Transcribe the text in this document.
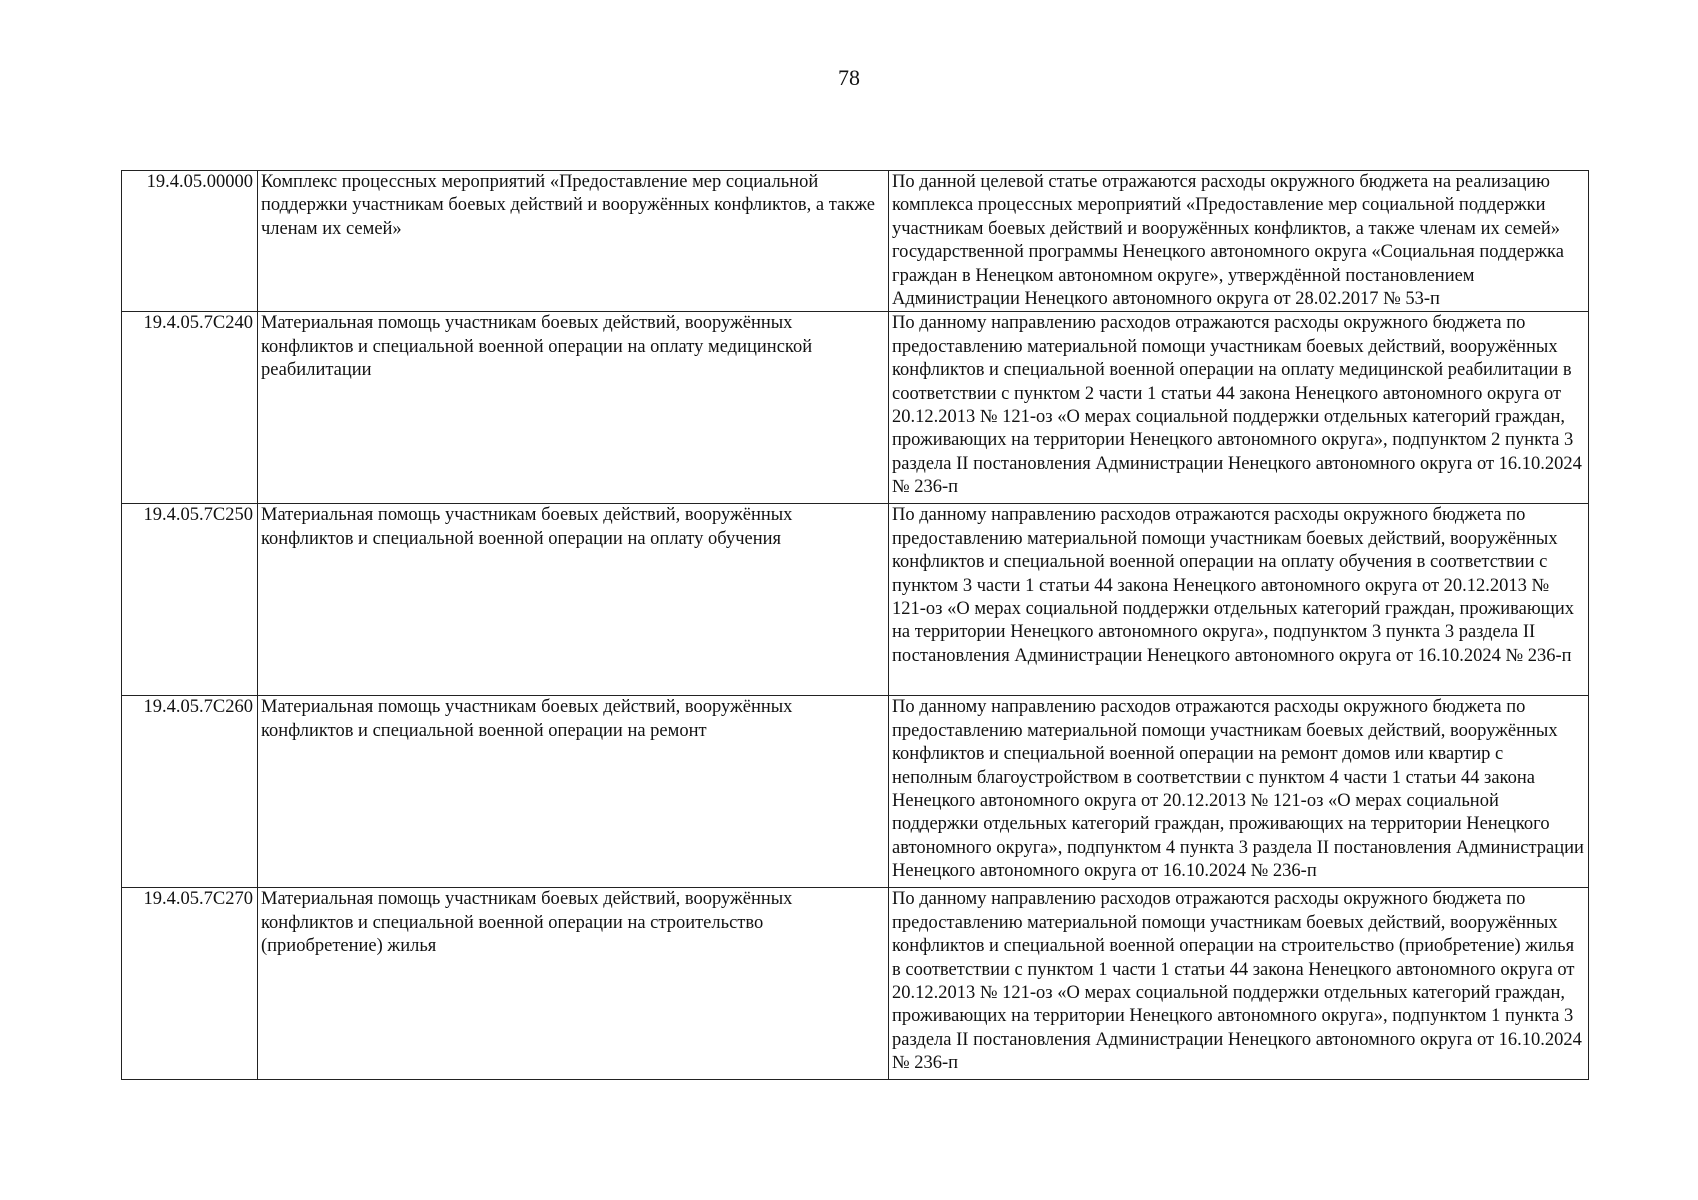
78
19.4.05.00000	Комплекс процессных мероприятий «Предоставление мер социальной поддержки участникам боевых действий и вооружённых конфликтов, а также членам их семей»	По данной целевой статье отражаются расходы окружного бюджета на реализацию комплекса процессных мероприятий «Предоставление мер социальной поддержки участникам боевых действий и вооружённых конфликтов, а также членам их семей» государственной программы Ненецкого автономного округа «Социальная поддержка граждан в Ненецком автономном округе», утверждённой постановлением Администрации Ненецкого автономного округа от 28.02.2017 № 53-п
19.4.05.7С240	Материальная помощь участникам боевых действий, вооружённых конфликтов и специальной военной операции на оплату медицинской реабилитации	По данному направлению расходов отражаются расходы окружного бюджета по предоставлению материальной помощи участникам боевых действий, вооружённых конфликтов и специальной военной операции на оплату медицинской реабилитации в соответствии с пунктом 2 части 1 статьи 44 закона Ненецкого автономного округа от 20.12.2013 № 121-оз «О мерах социальной поддержки отдельных категорий граждан, проживающих на территории Ненецкого автономного округа», подпунктом 2 пункта 3 раздела II постановления Администрации Ненецкого автономного округа от 16.10.2024 № 236-п
19.4.05.7С250	Материальная помощь участникам боевых действий, вооружённых конфликтов и специальной военной операции на оплату обучения	По данному направлению расходов отражаются расходы окружного бюджета по предоставлению материальной помощи участникам боевых действий, вооружённых конфликтов и специальной военной операции на оплату обучения в соответствии с пунктом 3 части 1 статьи 44 закона Ненецкого автономного округа от 20.12.2013 № 121-оз «О мерах социальной поддержки отдельных категорий граждан, проживающих на территории Ненецкого автономного округа», подпунктом 3 пункта 3 раздела II постановления Администрации Ненецкого автономного округа от 16.10.2024 № 236-п
19.4.05.7С260	Материальная помощь участникам боевых действий, вооружённых конфликтов и специальной военной операции на ремонт	По данному направлению расходов отражаются расходы окружного бюджета по предоставлению материальной помощи участникам боевых действий, вооружённых конфликтов и специальной военной операции на ремонт домов или квартир с неполным благоустройством в соответствии с пунктом 4 части 1 статьи 44 закона Ненецкого автономного округа от 20.12.2013 № 121-оз «О мерах социальной поддержки отдельных категорий граждан, проживающих на территории Ненецкого автономного округа», подпунктом 4 пункта 3 раздела II постановления Администрации Ненецкого автономного округа от 16.10.2024 № 236-п
19.4.05.7С270	Материальная помощь участникам боевых действий, вооружённых конфликтов и специальной военной операции на строительство (приобретение) жилья	По данному направлению расходов отражаются расходы окружного бюджета по предоставлению материальной помощи участникам боевых действий, вооружённых конфликтов и специальной военной операции на строительство (приобретение) жилья в соответствии с пунктом 1 части 1 статьи 44 закона Ненецкого автономного округа от 20.12.2013 № 121-оз «О мерах социальной поддержки отдельных категорий граждан, проживающих на территории Ненецкого автономного округа», подпунктом 1 пункта 3 раздела II постановления Администрации Ненецкого автономного округа от 16.10.2024 № 236-п
